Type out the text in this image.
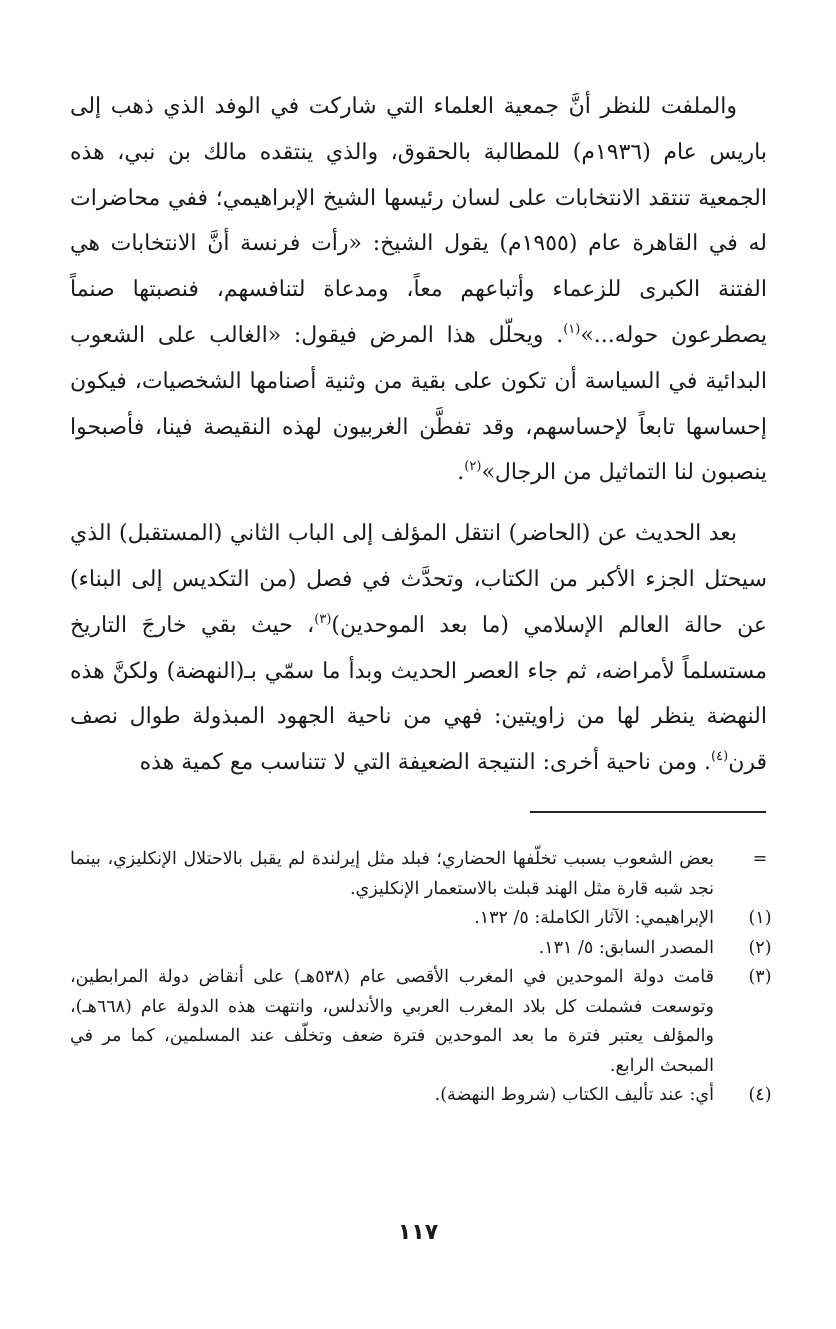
والملفت للنظر أنَّ جمعية العلماء التي شاركت في الوفد الذي ذهب إلى باريس عام (١٩٣٦م) للمطالبة بالحقوق، والذي ينتقده مالك بن نبي، هذه الجمعية تنتقد الانتخابات على لسان رئيسها الشيخ الإبراهيمي؛ ففي محاضرات له في القاهرة عام (١٩٥٥م) يقول الشيخ: «رأت فرنسة أنَّ الانتخابات هي الفتنة الكبرى للزعماء وأتباعهم معاً، ومدعاة لتنافسهم، فنصبتها صنماً يصطرعون حوله...»$^{(١)}$. ويحلّل هذا المرض فيقول: «الغالب على الشعوب البدائية في السياسة أن تكون على بقية من وثنية أصنامها الشخصيات، فيكون إحساسها تابعاً لإحساسهم، وقد تفطَّن الغربيون لهذه النقيصة فينا، فأصبحوا ينصبون لنا التماثيل من الرجال»$^{(٢)}$.

بعد الحديث عن (الحاضر) انتقل المؤلف إلى الباب الثاني (المستقبل) الذي سيحتل الجزء الأكبر من الكتاب، وتحدَّث في فصل (من التكديس إلى البناء) عن حالة العالم الإسلامي (ما بعد الموحدين)$^{(٣)}$، حيث بقي خارجَ التاريخ مستسلماً لأمراضه، ثم جاء العصر الحديث وبدأ ما سمّي بـ(النهضة) ولكنَّ هذه النهضة ينظر لها من زاويتين: فهي من ناحية الجهود المبذولة طوال نصف قرن$^{(٤)}$. ومن ناحية أخرى: النتيجة الضعيفة التي لا تتناسب مع كمية هذه

=
بعض الشعوب بسبب تخلّفها الحضاري؛ فبلد مثل إيرلندة لم يقبل بالاحتلال الإنكليزي، بينما نجد شبه قارة مثل الهند قبلت بالاستعمار الإنكليزي.
(١)
الإبراهيمي: الآثار الكاملة: ٥/ ١٣٢.
(٢)
المصدر السابق: ٥/ ١٣١.
(٣)
قامت دولة الموحدين في المغرب الأقصى عام (٥٣٨هـ) على أنقاض دولة المرابطين، وتوسعت فشملت كل بلاد المغرب العربي والأندلس، وانتهت هذه الدولة عام (٦٦٨هـ)، والمؤلف يعتبر فترة ما بعد الموحدين فترة ضعف وتخلّف عند المسلمين، كما مر في المبحث الرابع.
(٤)
أي: عند تأليف الكتاب (شروط النهضة).
١١٧
